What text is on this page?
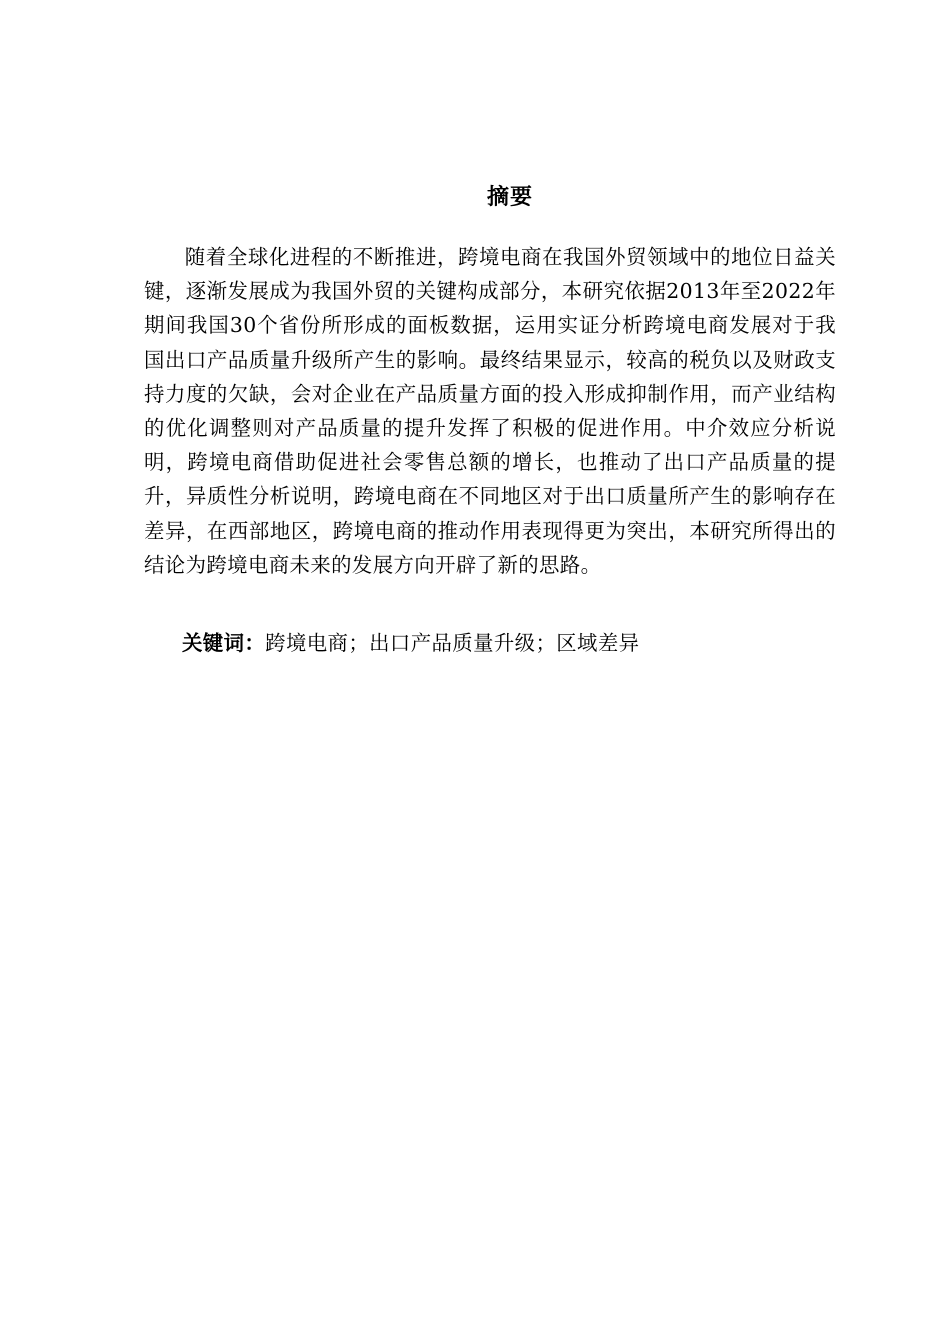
摘要

随着全球化进程的不断推进，跨境电商在我国外贸领域中的地位日益关键，逐渐发展成为我国外贸的关键构成部分，本研究依据2013年至2022年期间我国30个省份所形成的面板数据，运用实证分析跨境电商发展对于我国出口产品质量升级所产生的影响。最终结果显示，较高的税负以及财政支持力度的欠缺，会对企业在产品质量方面的投入形成抑制作用，而产业结构的优化调整则对产品质量的提升发挥了积极的促进作用。中介效应分析说明，跨境电商借助促进社会零售总额的增长，也推动了出口产品质量的提升，异质性分析说明，跨境电商在不同地区对于出口质量所产生的影响存在差异，在西部地区，跨境电商的推动作用表现得更为突出，本研究所得出的结论为跨境电商未来的发展方向开辟了新的思路。

关键词：跨境电商；出口产品质量升级；区域差异
